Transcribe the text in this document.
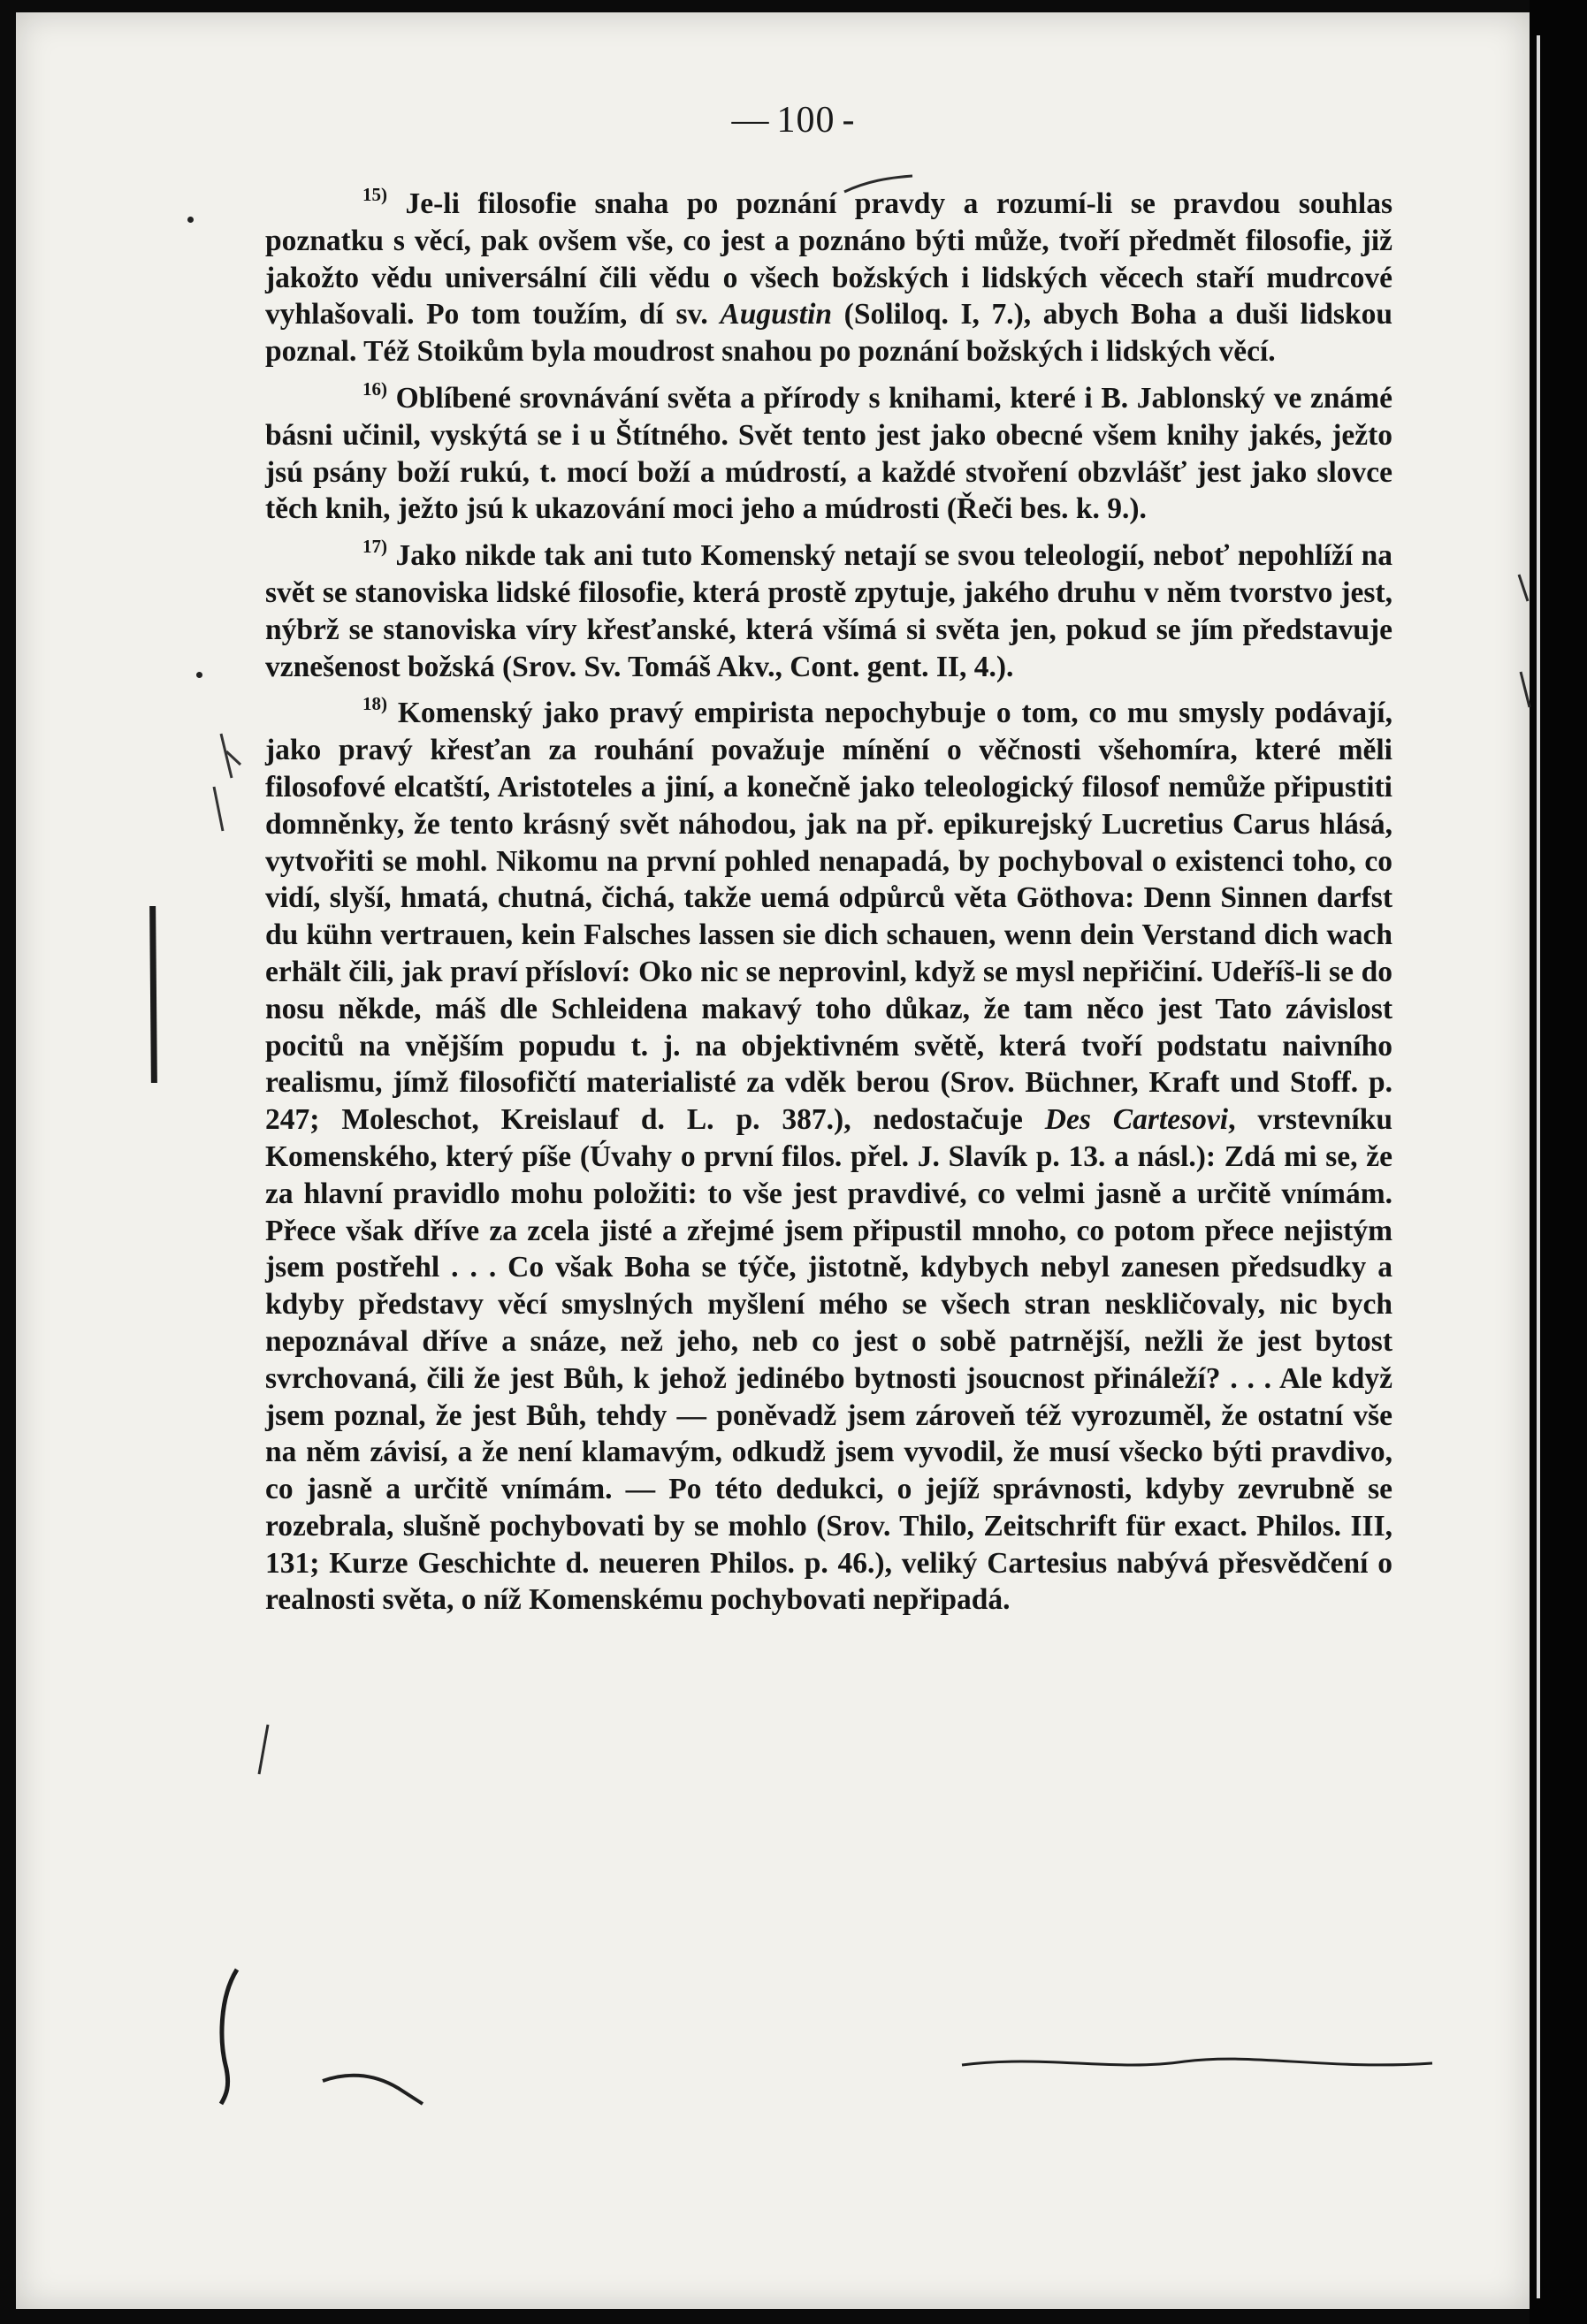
— 100 -

$^{15)}$ Je-li filosofie snaha po poznání pravdy a rozumí-li se pravdou souhlas poznatku s věcí, pak ovšem vše, co jest a poznáno býti může, tvoří předmět filosofie, již jakožto vědu universální čili vědu o všech božských i lidských věcech staří mudrcové vyhlašovali. Po tom toužím, dí sv. Augustin (Soliloq. I, 7.), abych Boha a duši lidskou poznal. Též Stoikům byla moudrost snahou po poznání božských i lidských věcí.

$^{16)}$ Oblíbené srovnávání světa a přírody s knihami, které i B. Jablonský ve známé básni učinil, vyskýtá se i u Štítného. Svět tento jest jako obecné všem knihy jakés, ježto jsú psány boží rukú, t. mocí boží a múdrostí, a každé stvoření obzvlášť jest jako slovce těch knih, ježto jsú k ukazování moci jeho a múdrosti (Řeči bes. k. 9.).

$^{17)}$ Jako nikde tak ani tuto Komenský netají se svou teleologií, neboť nepohlíží na svět se stanoviska lidské filosofie, která prostě zpytuje, jakého druhu v něm tvorstvo jest, nýbrž se stanoviska víry křesťanské, která všímá si světa jen, pokud se jím představuje vznešenost božská (Srov. Sv. Tomáš Akv., Cont. gent. II, 4.).

$^{18)}$ Komenský jako pravý empirista nepochybuje o tom, co mu smysly podávají, jako pravý křesťan za rouhání považuje mínění o věčnosti všehomíra, které měli filosofové elcatští, Aristoteles a jiní, a konečně jako teleologický filosof nemůže připustiti domněnky, že tento krásný svět náhodou, jak na př. epikurejský Lucretius Carus hlásá, vytvořiti se mohl. Nikomu na první pohled nenapadá, by pochyboval o existenci toho, co vidí, slyší, hmatá, chutná, čichá, takže uemá odpůrců věta Göthova: Denn Sinnen darfst du kühn vertrauen, kein Falsches lassen sie dich schauen, wenn dein Verstand dich wach erhält čili, jak praví přísloví: Oko nic se neprovinl, když se mysl nepřičiní. Udeříš-li se do nosu někde, máš dle Schleidena makavý toho důkaz, že tam něco jest Tato závislost pocitů na vnějším popudu t. j. na objektivném světě, která tvoří podstatu naivního realismu, jímž filosofičtí materialisté za vděk berou (Srov. Büchner, Kraft und Stoff. p. 247; Moleschot, Kreislauf d. L. p. 387.), nedostačuje Des Cartesovi, vrstevníku Komenského, který píše (Úvahy o první filos. přel. J. Slavík p. 13. a násl.): Zdá mi se, že za hlavní pravidlo mohu položiti: to vše jest pravdivé, co velmi jasně a určitě vnímám. Přece však dříve za zcela jisté a zřejmé jsem připustil mnoho, co potom přece nejistým jsem postřehl . . . Co však Boha se týče, jistotně, kdybych nebyl zanesen předsudky a kdyby představy věcí smyslných myšlení mého se všech stran neskličovaly, nic bych nepoznával dříve a snáze, než jeho, neb co jest o sobě patrnější, nežli že jest bytost svrchovaná, čili že jest Bůh, k jehož jedinébo bytnosti jsoucnost přináleží? . . . Ale když jsem poznal, že jest Bůh, tehdy — poněvadž jsem zároveň též vyrozuměl, že ostatní vše na něm závisí, a že není klamavým, odkudž jsem vyvodil, že musí všecko býti pravdivo, co jasně a určitě vnímám. — Po této dedukci, o jejíž správnosti, kdyby zevrubně se rozebrala, slušně pochybovati by se mohlo (Srov. Thilo, Zeitschrift für exact. Philos. III, 131; Kurze Geschichte d. neueren Philos. p. 46.), veliký Cartesius nabývá přesvědčení o realnosti světa, o níž Komenskému pochybovati nepřipadá.
